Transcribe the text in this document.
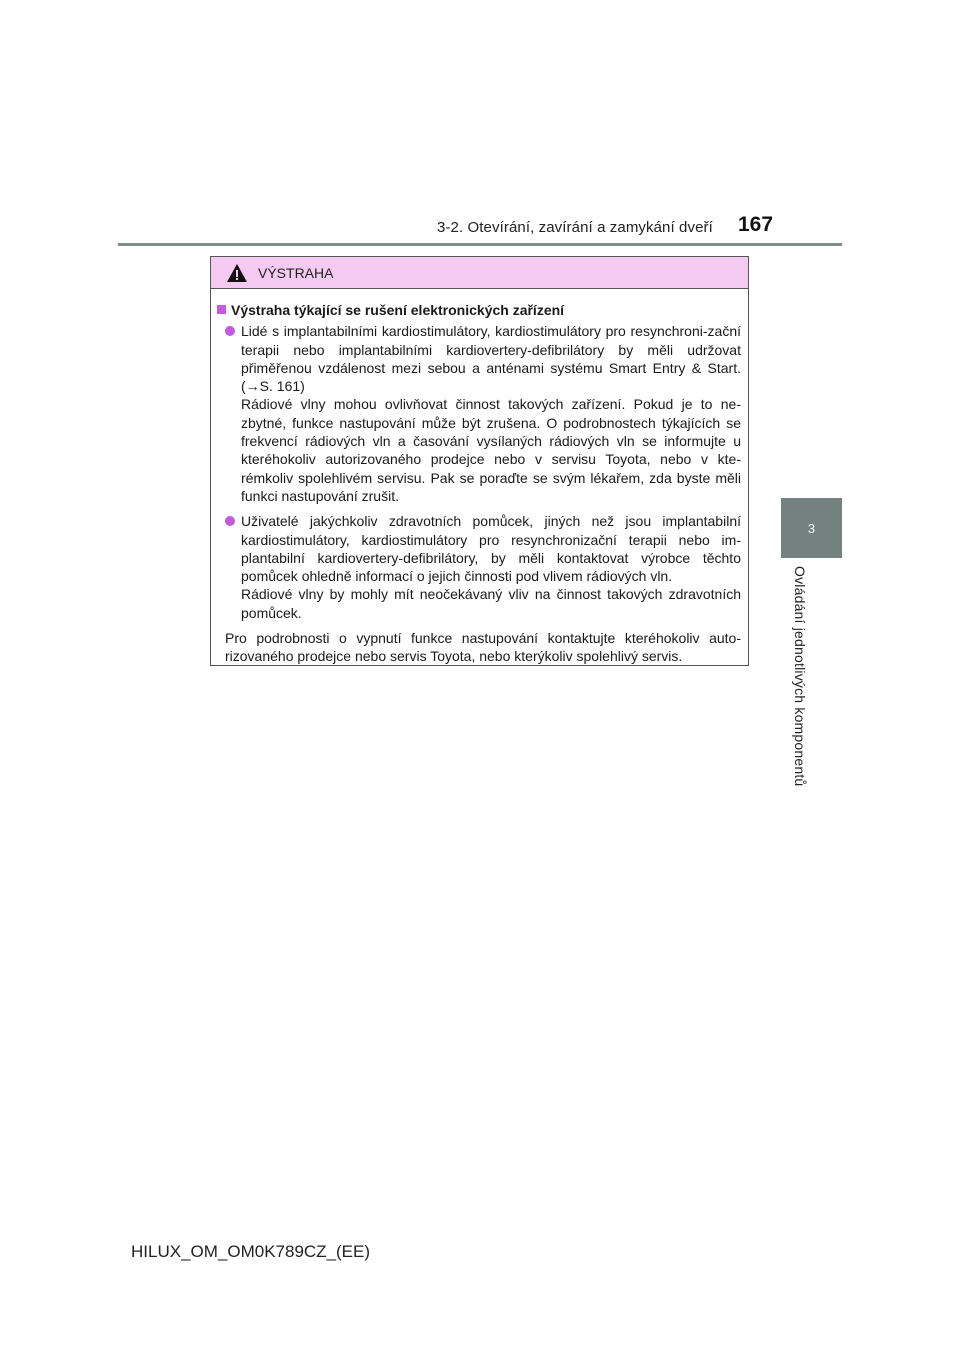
3-2. Otevírání, zavírání a zamykání dveří 167
3
Ovládání jednotlivých komponentů
VÝSTRAHA
Výstraha týkající se rušení elektronických zařízení
Lidé s implantabilními kardiostimulátory, kardiostimulátory pro resynchroni-zační terapii nebo implantabilními kardiovertery-defibrilátory by měli udržovat přiměřenou vzdálenost mezi sebou a anténami systému Smart Entry & Start. (→S. 161)
Rádiové vlny mohou ovlivňovat činnost takových zařízení. Pokud je to ne-zbytné, funkce nastupování může být zrušena. O podrobnostech týkajících se frekvencí rádiových vln a časování vysílaných rádiových vln se informujte u kteréhokoliv autorizovaného prodejce nebo v servisu Toyota, nebo v kte-rémkoliv spolehlivém servisu. Pak se poraďte se svým lékařem, zda byste měli funkci nastupování zrušit.
Uživatelé jakýchkoliv zdravotních pomůcek, jiných než jsou implantabilní kardiostimulátory, kardiostimulátory pro resynchronizační terapii nebo im-plantabilní kardiovertery-defibrilátory, by měli kontaktovat výrobce těchto pomůcek ohledně informací o jejich činnosti pod vlivem rádiových vln.
Rádiové vlny by mohly mít neočekávaný vliv na činnost takových zdravotních pomůcek.
Pro podrobnosti o vypnutí funkce nastupování kontaktujte kteréhokoliv auto-rizovaného prodejce nebo servis Toyota, nebo kterýkoliv spolehlivý servis.
HILUX_OM_OM0K789CZ_(EE)
